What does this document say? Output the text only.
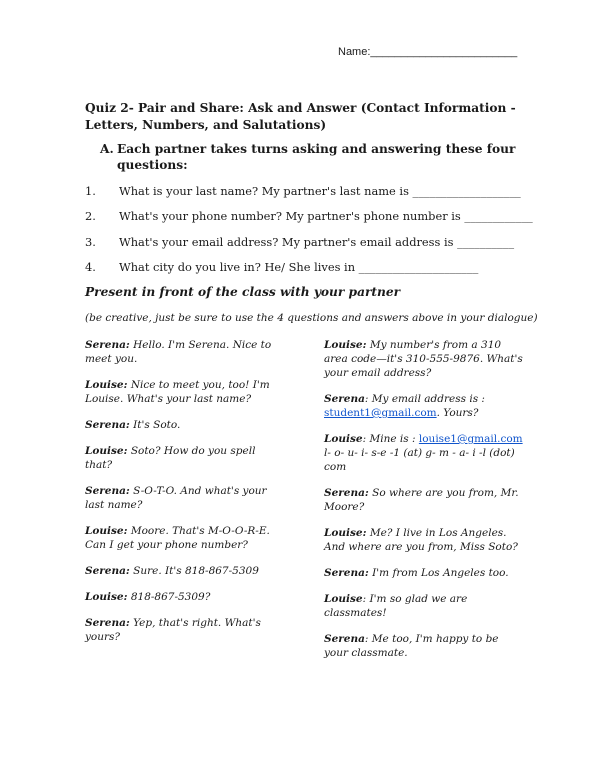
Name:________________________
Quiz 2- Pair and Share: Ask and Answer (Contact Information - Letters, Numbers, and Salutations)
A. Each partner takes turns asking and answering these four
questions:
1. What is your last name? My partner's last name is ___________________
2. What's your phone number? My partner's phone number is ____________
3. What's your email address? My partner's email address is __________
4. What city do you live in? He/ She lives in _____________________
Present in front of the class with your partner
(be creative, just be sure to use the 4 questions and answers above in your dialogue)
Serena: Hello. I'm Serena. Nice to meet you.
Louise: Nice to meet you, too! I'm Louise. What's your last name?
Serena: It's Soto.
Louise: Soto? How do you spell that?
Serena: S-O-T-O. And what's your last name?
Louise: Moore. That's M-O-O-R-E. Can I get your phone number?
Serena: Sure. It's 818-867-5309
Louise: 818-867-5309?
Serena: Yep, that's right. What's yours?
Louise: My number's from a 310 area code—it's 310-555-9876. What's your email address?
Serena: My email address is :
student1@gmail.com. Yours?
Louise: Mine is : louise1@gmail.com
l- o- u- i- s-e -1 (at) g- m - a- i -l (dot) com
Serena: So where are you from, Mr. Moore?
Louise: Me? I live in Los Angeles. And where are you from, Miss Soto?
Serena: I'm from Los Angeles too.
Louise: I'm so glad we are classmates!
Serena: Me too, I'm happy to be your classmate.
